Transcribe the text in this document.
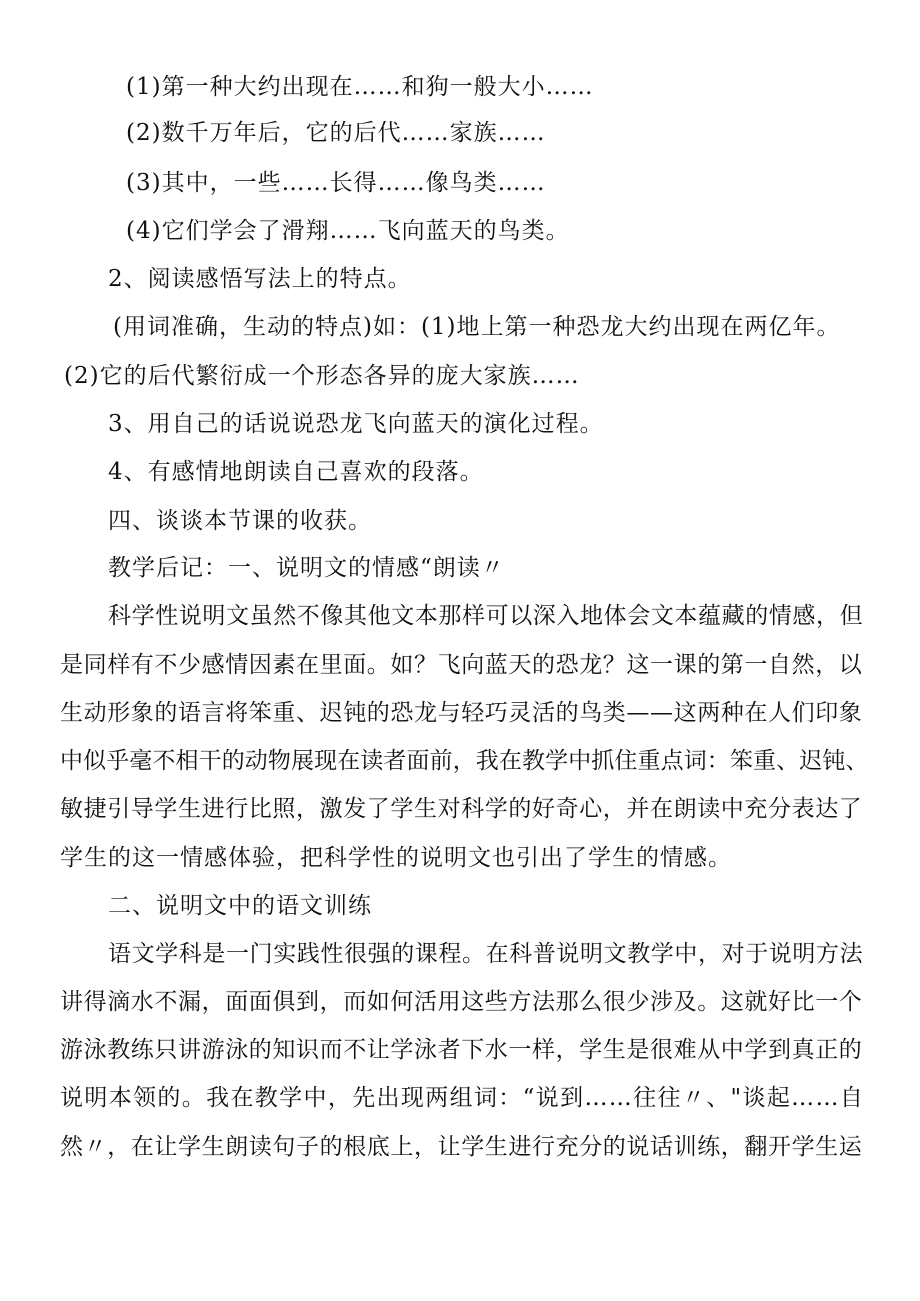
(1)第一种大约出现在……和狗一般大小……
(2)数千万年后，它的后代……家族……
(3)其中，一些……长得……像鸟类……
(4)它们学会了滑翔……飞向蓝天的鸟类。
2、阅读感悟写法上的特点。
(用词准确，生动的特点)如：(1)地上第一种恐龙大约出现在两亿年。
(2)它的后代繁衍成一个形态各异的庞大家族……
3、用自己的话说说恐龙飞向蓝天的演化过程。
4、有感情地朗读自己喜欢的段落。
四、谈谈本节课的收获。
教学后记：一、说明文的情感“朗读〃
科学性说明文虽然不像其他文本那样可以深入地体会文本蕴藏的情感，但
是同样有不少感情因素在里面。如？飞向蓝天的恐龙？这一课的第一自然，以
生动形象的语言将笨重、迟钝的恐龙与轻巧灵活的鸟类——这两种在人们印象
中似乎毫不相干的动物展现在读者面前，我在教学中抓住重点词：笨重、迟钝、
敏捷引导学生进行比照，激发了学生对科学的好奇心，并在朗读中充分表达了
学生的这一情感体验，把科学性的说明文也引出了学生的情感。
二、说明文中的语文训练
语文学科是一门实践性很强的课程。在科普说明文教学中，对于说明方法
讲得滴水不漏，面面俱到，而如何活用这些方法那么很少涉及。这就好比一个
游泳教练只讲游泳的知识而不让学泳者下水一样，学生是很难从中学到真正的
说明本领的。我在教学中，先出现两组词：“说到……往往〃、"谈起……自
然〃，在让学生朗读句子的根底上，让学生进行充分的说话训练，翻开学生运
